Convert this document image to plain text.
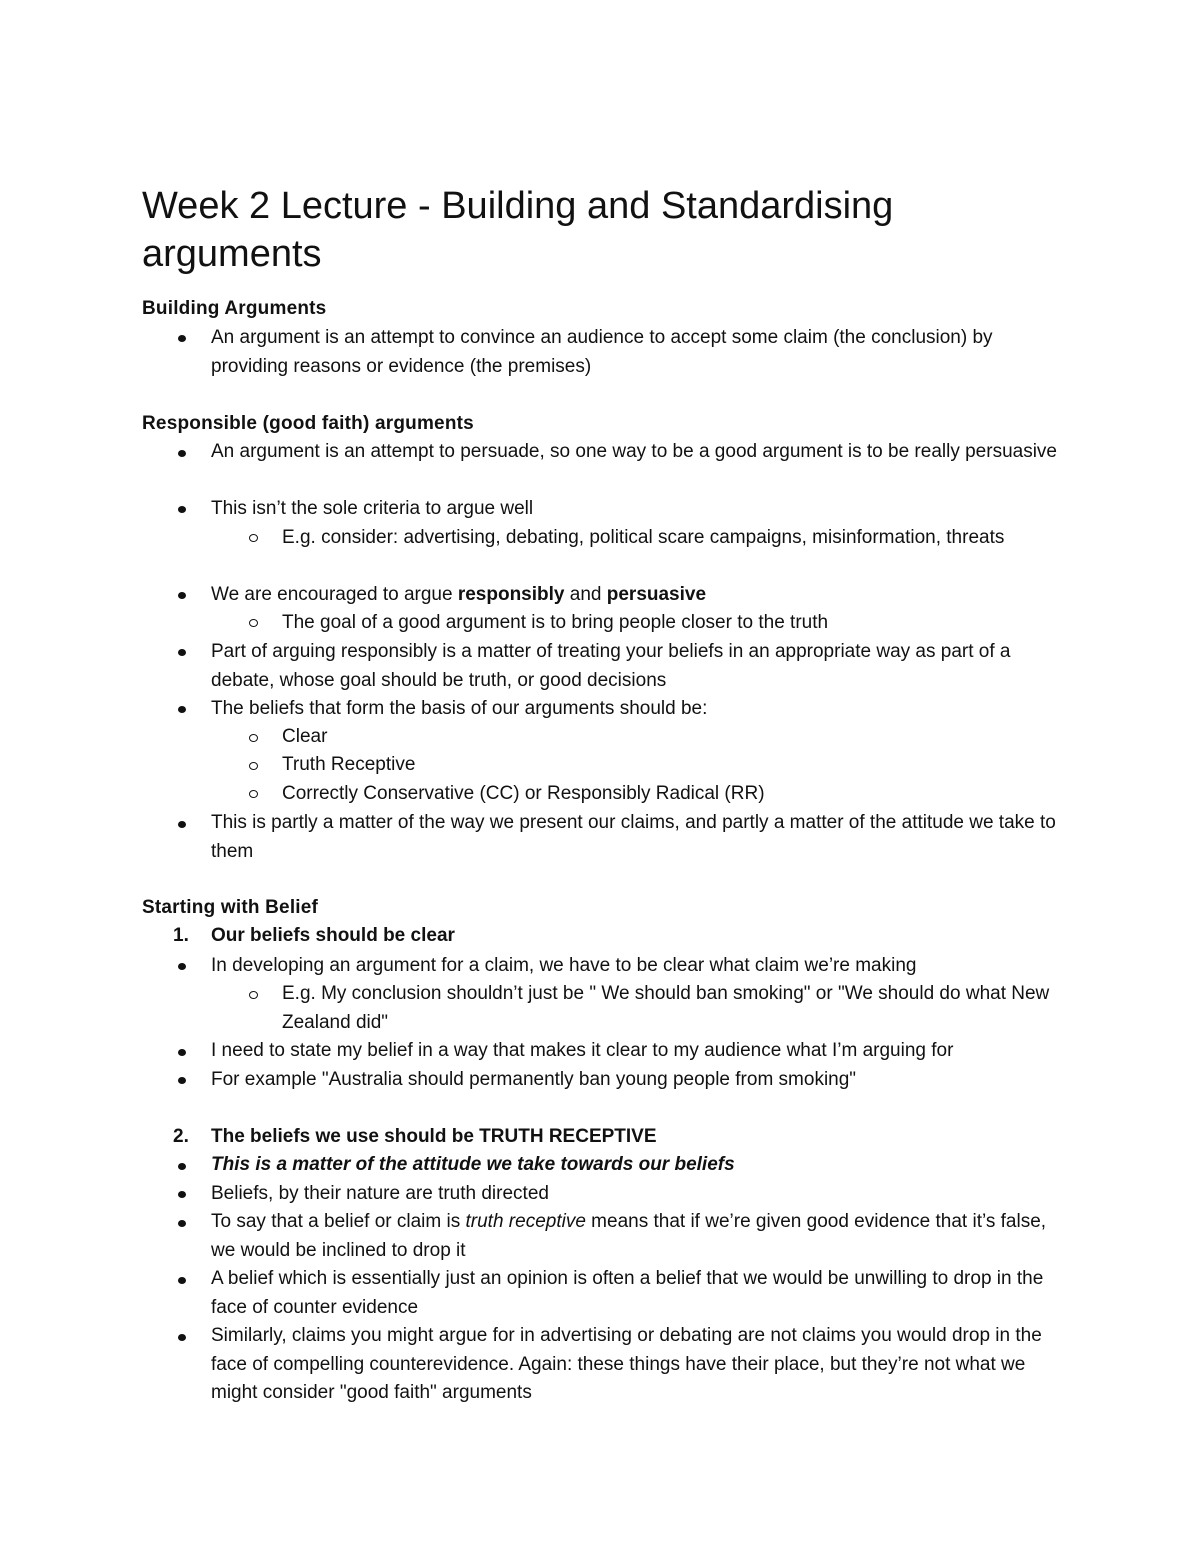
Week 2 Lecture - Building and Standardising
arguments
Building Arguments

An argument is an attempt to convince an audience to accept some claim (the conclusion) by providing reasons or evidence (the premises)

Responsible (good faith) arguments

An argument is an attempt to persuade, so one way to be a good argument is to be really persuasive

This isn’t the sole criteria to argue well

E.g. consider: advertising, debating, political scare campaigns, misinformation, threats

We are encouraged to argue responsibly and persuasive

The goal of a good argument is to bring people closer to the truth

Part of arguing responsibly is a matter of treating your beliefs in an appropriate way as part of a debate, whose goal should be truth, or good decisions

The beliefs that form the basis of our arguments should be:

Clear

Truth Receptive

Correctly Conservative (CC) or Responsibly Radical (RR)

This is partly a matter of the way we present our claims, and partly a matter of the attitude we take to them

Starting with Belief
1. Our beliefs should be clear

In developing an argument for a claim, we have to be clear what claim we’re making

E.g. My conclusion shouldn’t just be " We should ban smoking" or "We should do what New Zealand did"

I need to state my belief in a way that makes it clear to my audience what I’m arguing for

For example "Australia should permanently ban young people from smoking"

2. The beliefs we use should be TRUTH RECEPTIVE

This is a matter of the attitude we take towards our beliefs

Beliefs, by their nature are truth directed

To say that a belief or claim is truth receptive means that if we’re given good evidence that it’s false, we would be inclined to drop it

A belief which is essentially just an opinion is often a belief that we would be unwilling to drop in the face of counter evidence

Similarly, claims you might argue for in advertising or debating are not claims you would drop in the face of compelling counterevidence. Again: these things have their place, but they’re not what we might consider "good faith" arguments
